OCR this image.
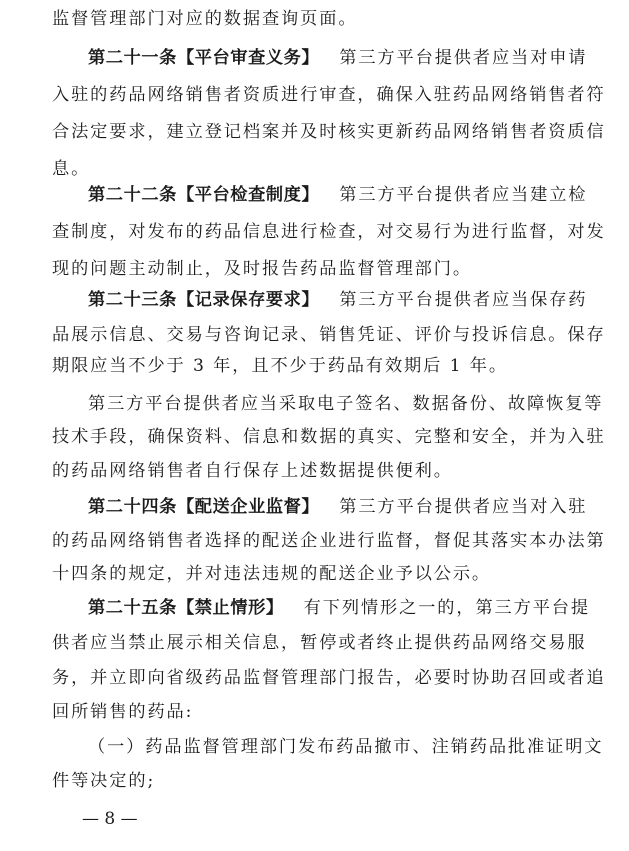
监督管理部门对应的数据查询页面。
第二十一条【平台审查义务】 第三方平台提供者应当对申请
入驻的药品网络销售者资质进行审查，确保入驻药品网络销售者符
合法定要求，建立登记档案并及时核实更新药品网络销售者资质信
息。
第二十二条【平台检查制度】 第三方平台提供者应当建立检
查制度，对发布的药品信息进行检查，对交易行为进行监督，对发
现的问题主动制止，及时报告药品监督管理部门。
第二十三条【记录保存要求】 第三方平台提供者应当保存药
品展示信息、交易与咨询记录、销售凭证、评价与投诉信息。保存
期限应当不少于 3 年，且不少于药品有效期后 1 年。
第三方平台提供者应当采取电子签名、数据备份、故障恢复等
技术手段，确保资料、信息和数据的真实、完整和安全，并为入驻
的药品网络销售者自行保存上述数据提供便利。
第二十四条【配送企业监督】 第三方平台提供者应当对入驻
的药品网络销售者选择的配送企业进行监督，督促其落实本办法第
十四条的规定，并对违法违规的配送企业予以公示。
第二十五条【禁止情形】 有下列情形之一的，第三方平台提
供者应当禁止展示相关信息，暂停或者终止提供药品网络交易服
务，并立即向省级药品监督管理部门报告，必要时协助召回或者追
回所销售的药品:
（一）药品监督管理部门发布药品撤市、注销药品批准证明文
件等决定的;
— 8 —
